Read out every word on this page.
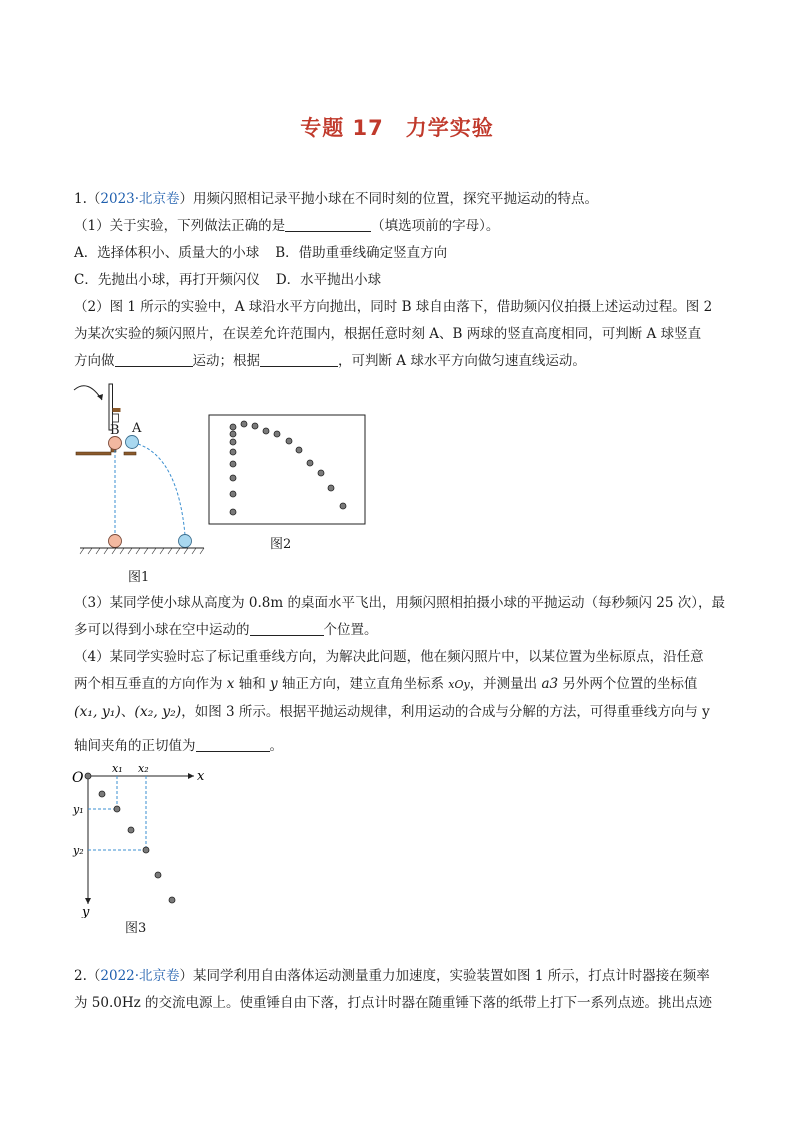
专题 17　力学实验
1.（2023·北京卷）用频闪照相记录平抛小球在不同时刻的位置，探究平抛运动的特点。
（1）关于实验，下列做法正确的是	（填选项前的字母）。
A．选择体积小、质量大的小球 B．借助重垂线确定竖直方向
C．先抛出小球，再打开频闪仪 D．水平抛出小球
（2）图 1 所示的实验中，A 球沿水平方向抛出，同时 B 球自由落下，借助频闪仪拍摄上述运动过程。图 2
为某次实验的频闪照片，在误差允许范围内，根据任意时刻 A、B 两球的竖直高度相同，可判断 A 球竖直
方向做	运动；根据	，可判断 A 球水平方向做匀速直线运动。
B A
图1
图2
（3）某同学使小球从高度为 0.8m 的桌面水平飞出，用频闪照相拍摄小球的平抛运动（每秒频闪 25 次），最
多可以得到小球在空中运动的	个位置。
（4）某同学实验时忘了标记重垂线方向，为解决此问题，他在频闪照片中，以某位置为坐标原点，沿任意
两个相互垂直的方向作为 x 轴和 y 轴正方向，建立直角坐标系 xOy，并测量出 a3 另外两个位置的坐标值
(x₁, y₁)、(x₂, y₂)，如图 3 所示。根据平抛运动规律，利用运动的合成与分解的方法，可得重垂线方向与 y
轴间夹角的正切值为	。
O	x
y
x₁ x₂
y₁
y₂
图3
2.（2022·北京卷）某同学利用自由落体运动测量重力加速度，实验装置如图 1 所示，打点计时器接在频率
为 50.0Hz 的交流电源上。使重锤自由下落，打点计时器在随重锤下落的纸带上打下一系列点迹。挑出点迹
